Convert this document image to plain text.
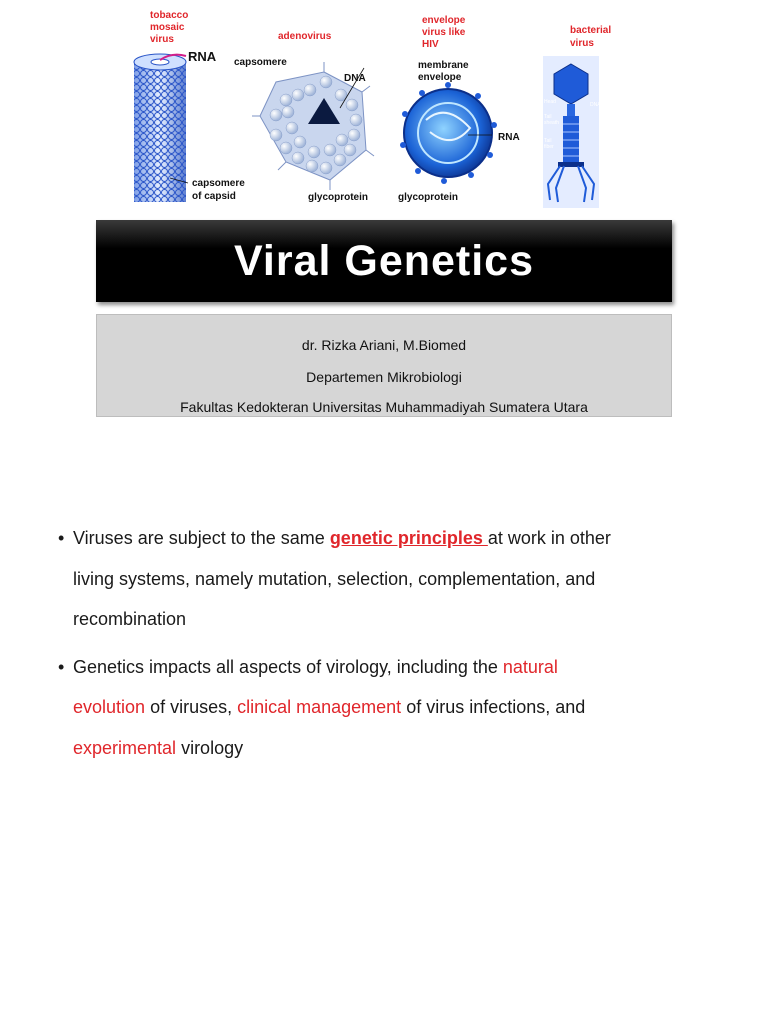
tobacco mosaic virus
RNA
capsomere of capsid
adenovirus
capsomere
DNA
glycoprotein
envelope virus like HIV
membrane envelope
RNA
glycoprotein
Head	DNA
Tail
sheath
Tail
fiber
bacterial virus
Viral Genetics
dr. Rizka Ariani, M.Biomed
Departemen Mikrobiologi
Fakultas Kedokteran Universitas Muhammadiyah Sumatera Utara
• Viruses are subject to the same genetic principles at work in other
living systems, namely mutation, selection, complementation, and
recombination
• Genetics impacts all aspects of virology, including the natural
evolution of viruses, clinical management of virus infections, and
experimental virology
